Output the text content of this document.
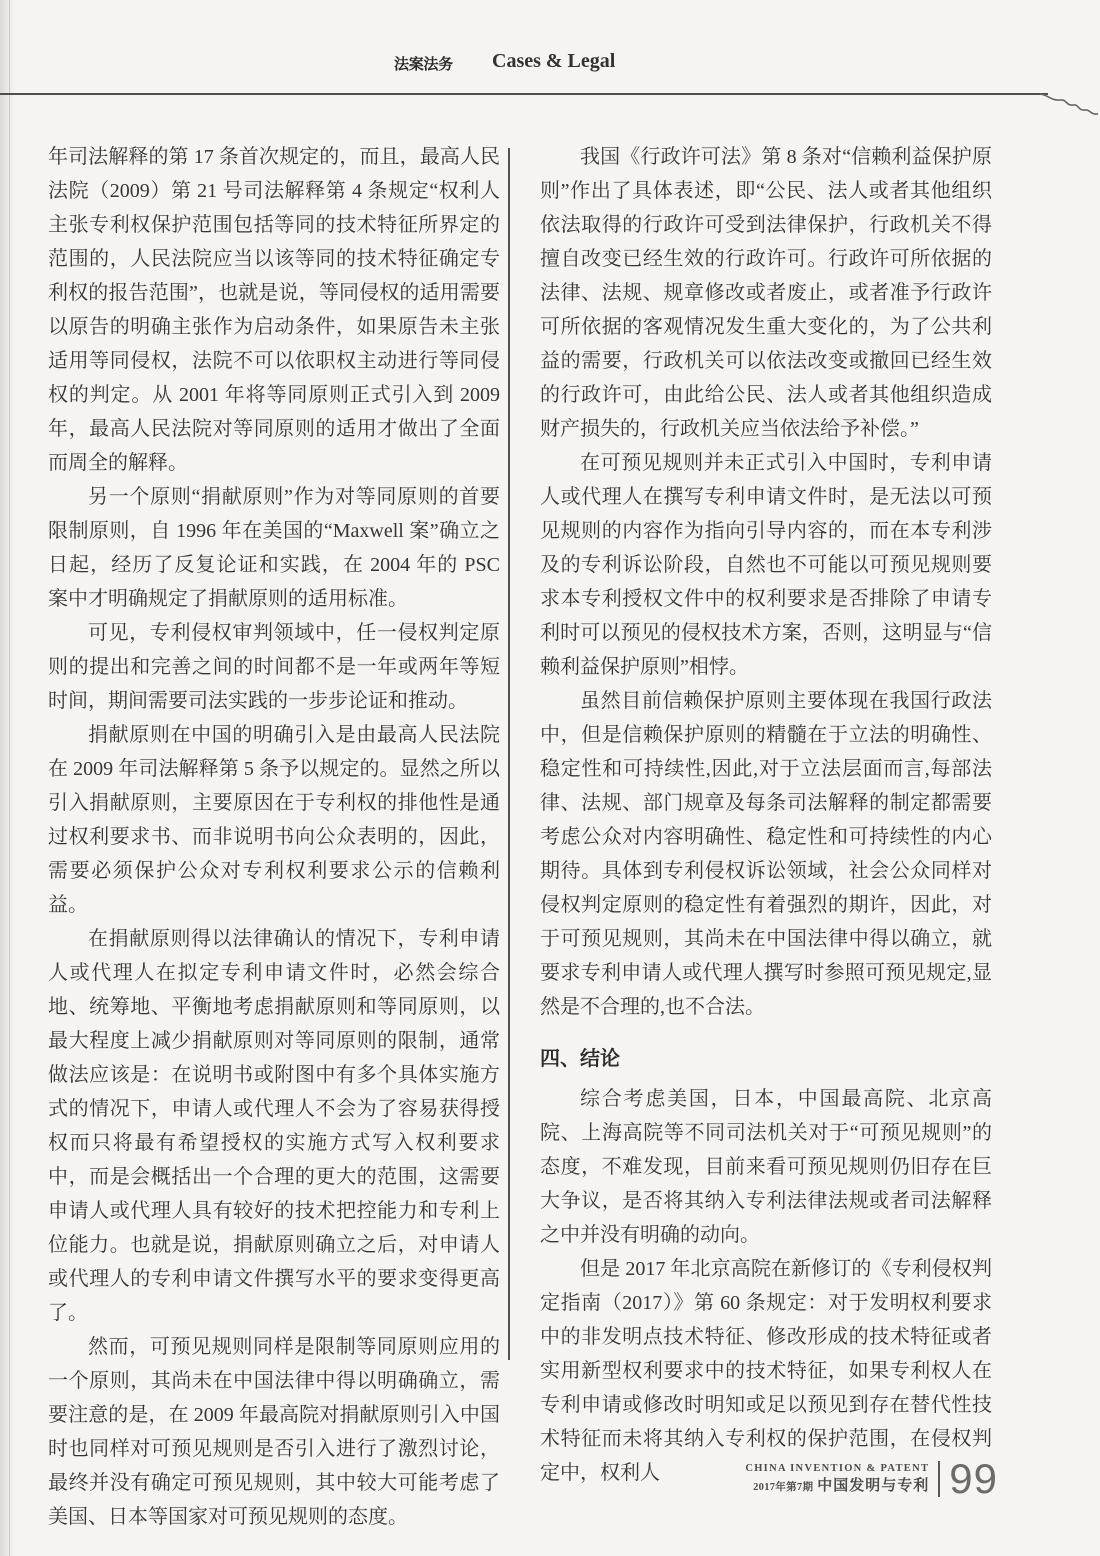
法案法务 Cases & Legal

年司法解释的第 17 条首次规定的，而且，最高人民法院（2009）第 21 号司法解释第 4 条规定“权利人主张专利权保护范围包括等同的技术特征所界定的范围的，人民法院应当以该等同的技术特征确定专利权的报告范围”，也就是说，等同侵权的适用需要以原告的明确主张作为启动条件，如果原告未主张适用等同侵权，法院不可以依职权主动进行等同侵权的判定。从 2001 年将等同原则正式引入到 2009 年，最高人民法院对等同原则的适用才做出了全面而周全的解释。

另一个原则“捐献原则”作为对等同原则的首要限制原则，自 1996 年在美国的“Maxwell 案”确立之日起，经历了反复论证和实践，在 2004 年的 PSC 案中才明确规定了捐献原则的适用标准。

可见，专利侵权审判领域中，任一侵权判定原则的提出和完善之间的时间都不是一年或两年等短时间，期间需要司法实践的一步步论证和推动。

捐献原则在中国的明确引入是由最高人民法院在 2009 年司法解释第 5 条予以规定的。显然之所以引入捐献原则，主要原因在于专利权的排他性是通过权利要求书、而非说明书向公众表明的，因此，需要必须保护公众对专利权利要求公示的信赖利益。

在捐献原则得以法律确认的情况下，专利申请人或代理人在拟定专利申请文件时，必然会综合地、统筹地、平衡地考虑捐献原则和等同原则，以最大程度上减少捐献原则对等同原则的限制，通常做法应该是：在说明书或附图中有多个具体实施方式的情况下，申请人或代理人不会为了容易获得授权而只将最有希望授权的实施方式写入权利要求中，而是会概括出一个合理的更大的范围，这需要申请人或代理人具有较好的技术把控能力和专利上位能力。也就是说，捐献原则确立之后，对申请人或代理人的专利申请文件撰写水平的要求变得更高了。

然而，可预见规则同样是限制等同原则应用的一个原则，其尚未在中国法律中得以明确确立，需要注意的是，在 2009 年最高院对捐献原则引入中国时也同样对可预见规则是否引入进行了激烈讨论，最终并没有确定可预见规则，其中较大可能考虑了美国、日本等国家对可预见规则的态度。

我国《行政许可法》第 8 条对“信赖利益保护原则”作出了具体表述，即“公民、法人或者其他组织依法取得的行政许可受到法律保护，行政机关不得擅自改变已经生效的行政许可。行政许可所依据的法律、法规、规章修改或者废止，或者准予行政许可所依据的客观情况发生重大变化的，为了公共利益的需要，行政机关可以依法改变或撤回已经生效的行政许可，由此给公民、法人或者其他组织造成财产损失的，行政机关应当依法给予补偿。”

在可预见规则并未正式引入中国时，专利申请人或代理人在撰写专利申请文件时，是无法以可预见规则的内容作为指向引导内容的，而在本专利涉及的专利诉讼阶段，自然也不可能以可预见规则要求本专利授权文件中的权利要求是否排除了申请专利时可以预见的侵权技术方案，否则，这明显与“信赖利益保护原则”相悖。

虽然目前信赖保护原则主要体现在我国行政法中，但是信赖保护原则的精髓在于立法的明确性、稳定性和可持续性,因此,对于立法层面而言,每部法律、法规、部门规章及每条司法解释的制定都需要考虑公众对内容明确性、稳定性和可持续性的内心期待。具体到专利侵权诉讼领域，社会公众同样对侵权判定原则的稳定性有着强烈的期许，因此，对于可预见规则，其尚未在中国法律中得以确立，就要求专利申请人或代理人撰写时参照可预见规定,显然是不合理的,也不合法。

四、结论

综合考虑美国，日本，中国最高院、北京高院、上海高院等不同司法机关对于“可预见规则”的态度，不难发现，目前来看可预见规则仍旧存在巨大争议，是否将其纳入专利法律法规或者司法解释之中并没有明确的动向。

但是 2017 年北京高院在新修订的《专利侵权判定指南（2017）》第 60 条规定：对于发明权利要求中的非发明点技术特征、修改形成的技术特征或者实用新型权利要求中的技术特征，如果专利权人在专利申请或修改时明知或足以预见到存在替代性技术特征而未将其纳入专利权的保护范围，在侵权判定中，权利人	CHINA INVENTION & PATENT
2017年第7期 中国发明与专利 99
